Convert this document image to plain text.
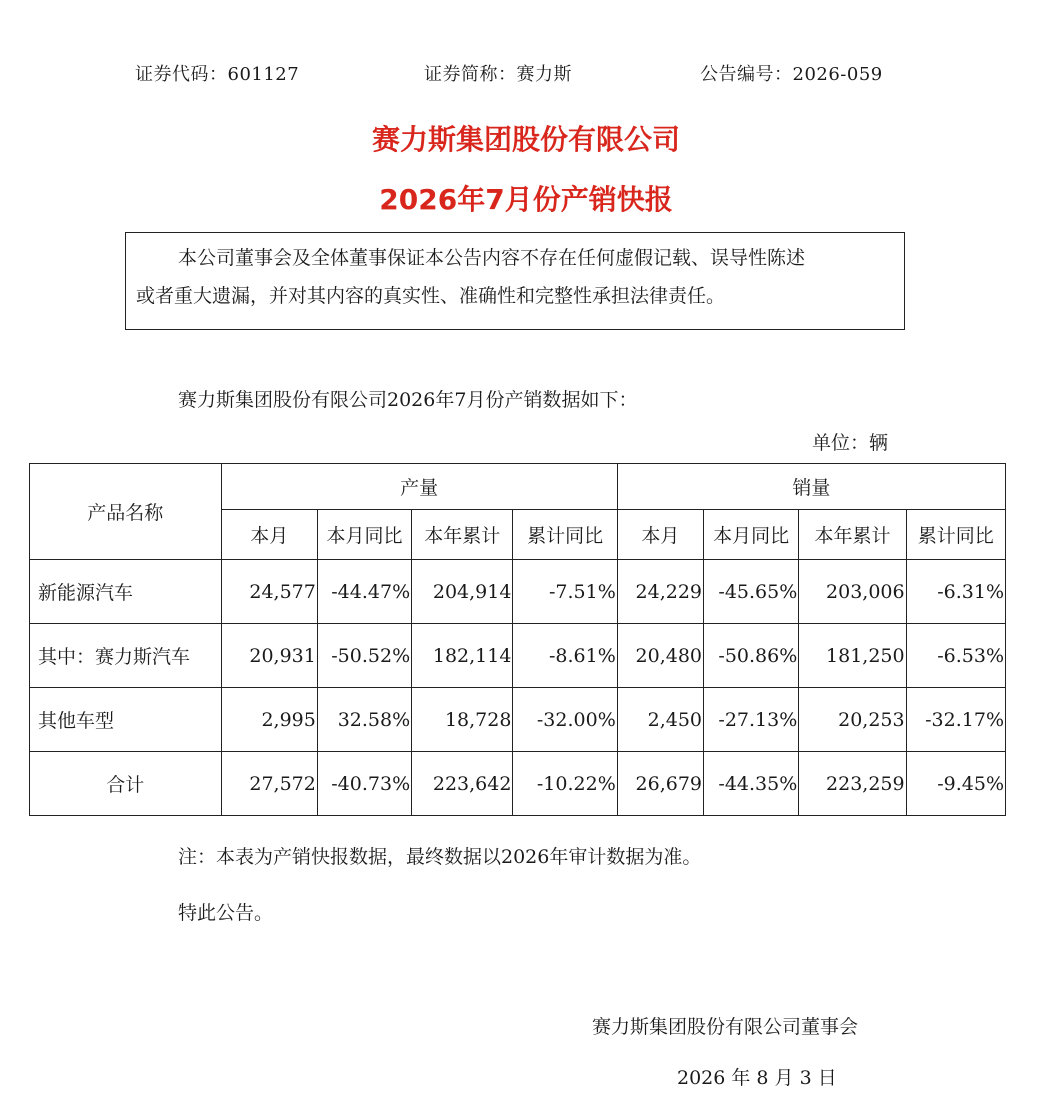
证券代码：601127	证券简称：赛力斯	公告编号：2026-059
赛力斯集团股份有限公司
2026年7月份产销快报
本公司董事会及全体董事保证本公告内容不存在任何虚假记载、误导性陈述
或者重大遗漏，并对其内容的真实性、准确性和完整性承担法律责任。
赛力斯集团股份有限公司2026年7月份产销数据如下：
单位：辆
产品名称	产量				销量			
	本月	本月同比	本年累计	累计同比	本月	本月同比	本年累计	累计同比
新能源汽车	24,577	-44.47%	204,914	-7.51%	24,229	-45.65%	203,006	-6.31%
其中：赛力斯汽车	20,931	-50.52%	182,114	-8.61%	20,480	-50.86%	181,250	-6.53%
其他车型	2,995	32.58%	18,728	-32.00%	2,450	-27.13%	20,253	-32.17%
合计	27,572	-40.73%	223,642	-10.22%	26,679	-44.35%	223,259	-9.45%
注：本表为产销快报数据，最终数据以2026年审计数据为准。
特此公告。
赛力斯集团股份有限公司董事会
2026 年 8 月 3 日
